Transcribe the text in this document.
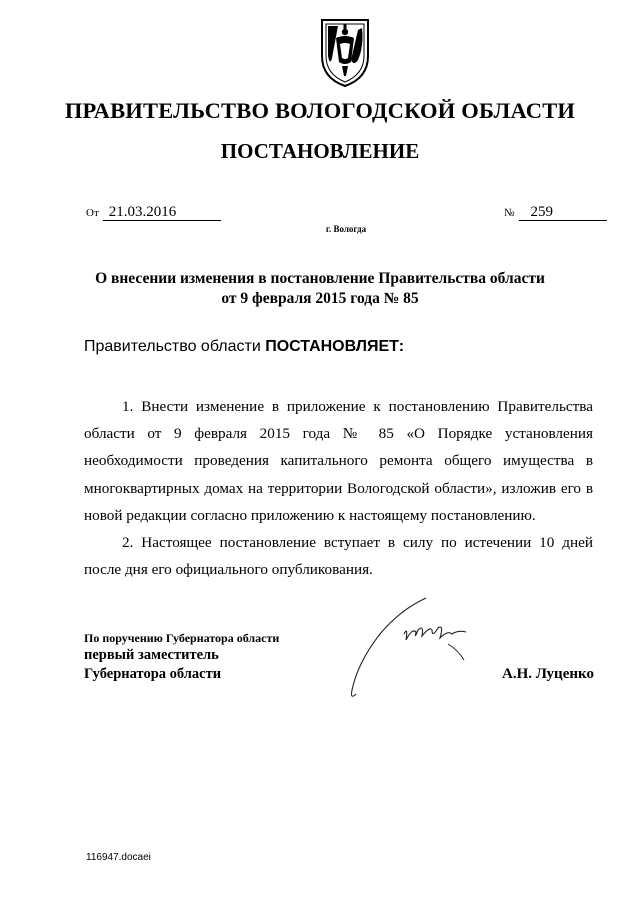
ПРАВИТЕЛЬСТВО ВОЛОГОДСКОЙ ОБЛАСТИ
ПОСТАНОВЛЕНИЕ
От 21.03.2016	№ 259
г. Вологда
О внесении изменения в постановление Правительства области
от 9 февраля 2015 года № 85
Правительство области ПОСТАНОВЛЯЕТ:

1. Внести изменение в приложение к постановлению Правительства области от 9 февраля 2015 года № 85 «О Порядке установления необходимости проведения капитального ремонта общего имущества в многоквартирных домах на территории Вологодской области», изложив его в новой редакции согласно приложению к настоящему постановлению.

2. Настоящее постановление вступает в силу по истечении 10 дней после дня его официального опубликования.

По поручению Губернатора области
первый заместитель
Губернатора области	А.Н. Луценко
116947.docaei
